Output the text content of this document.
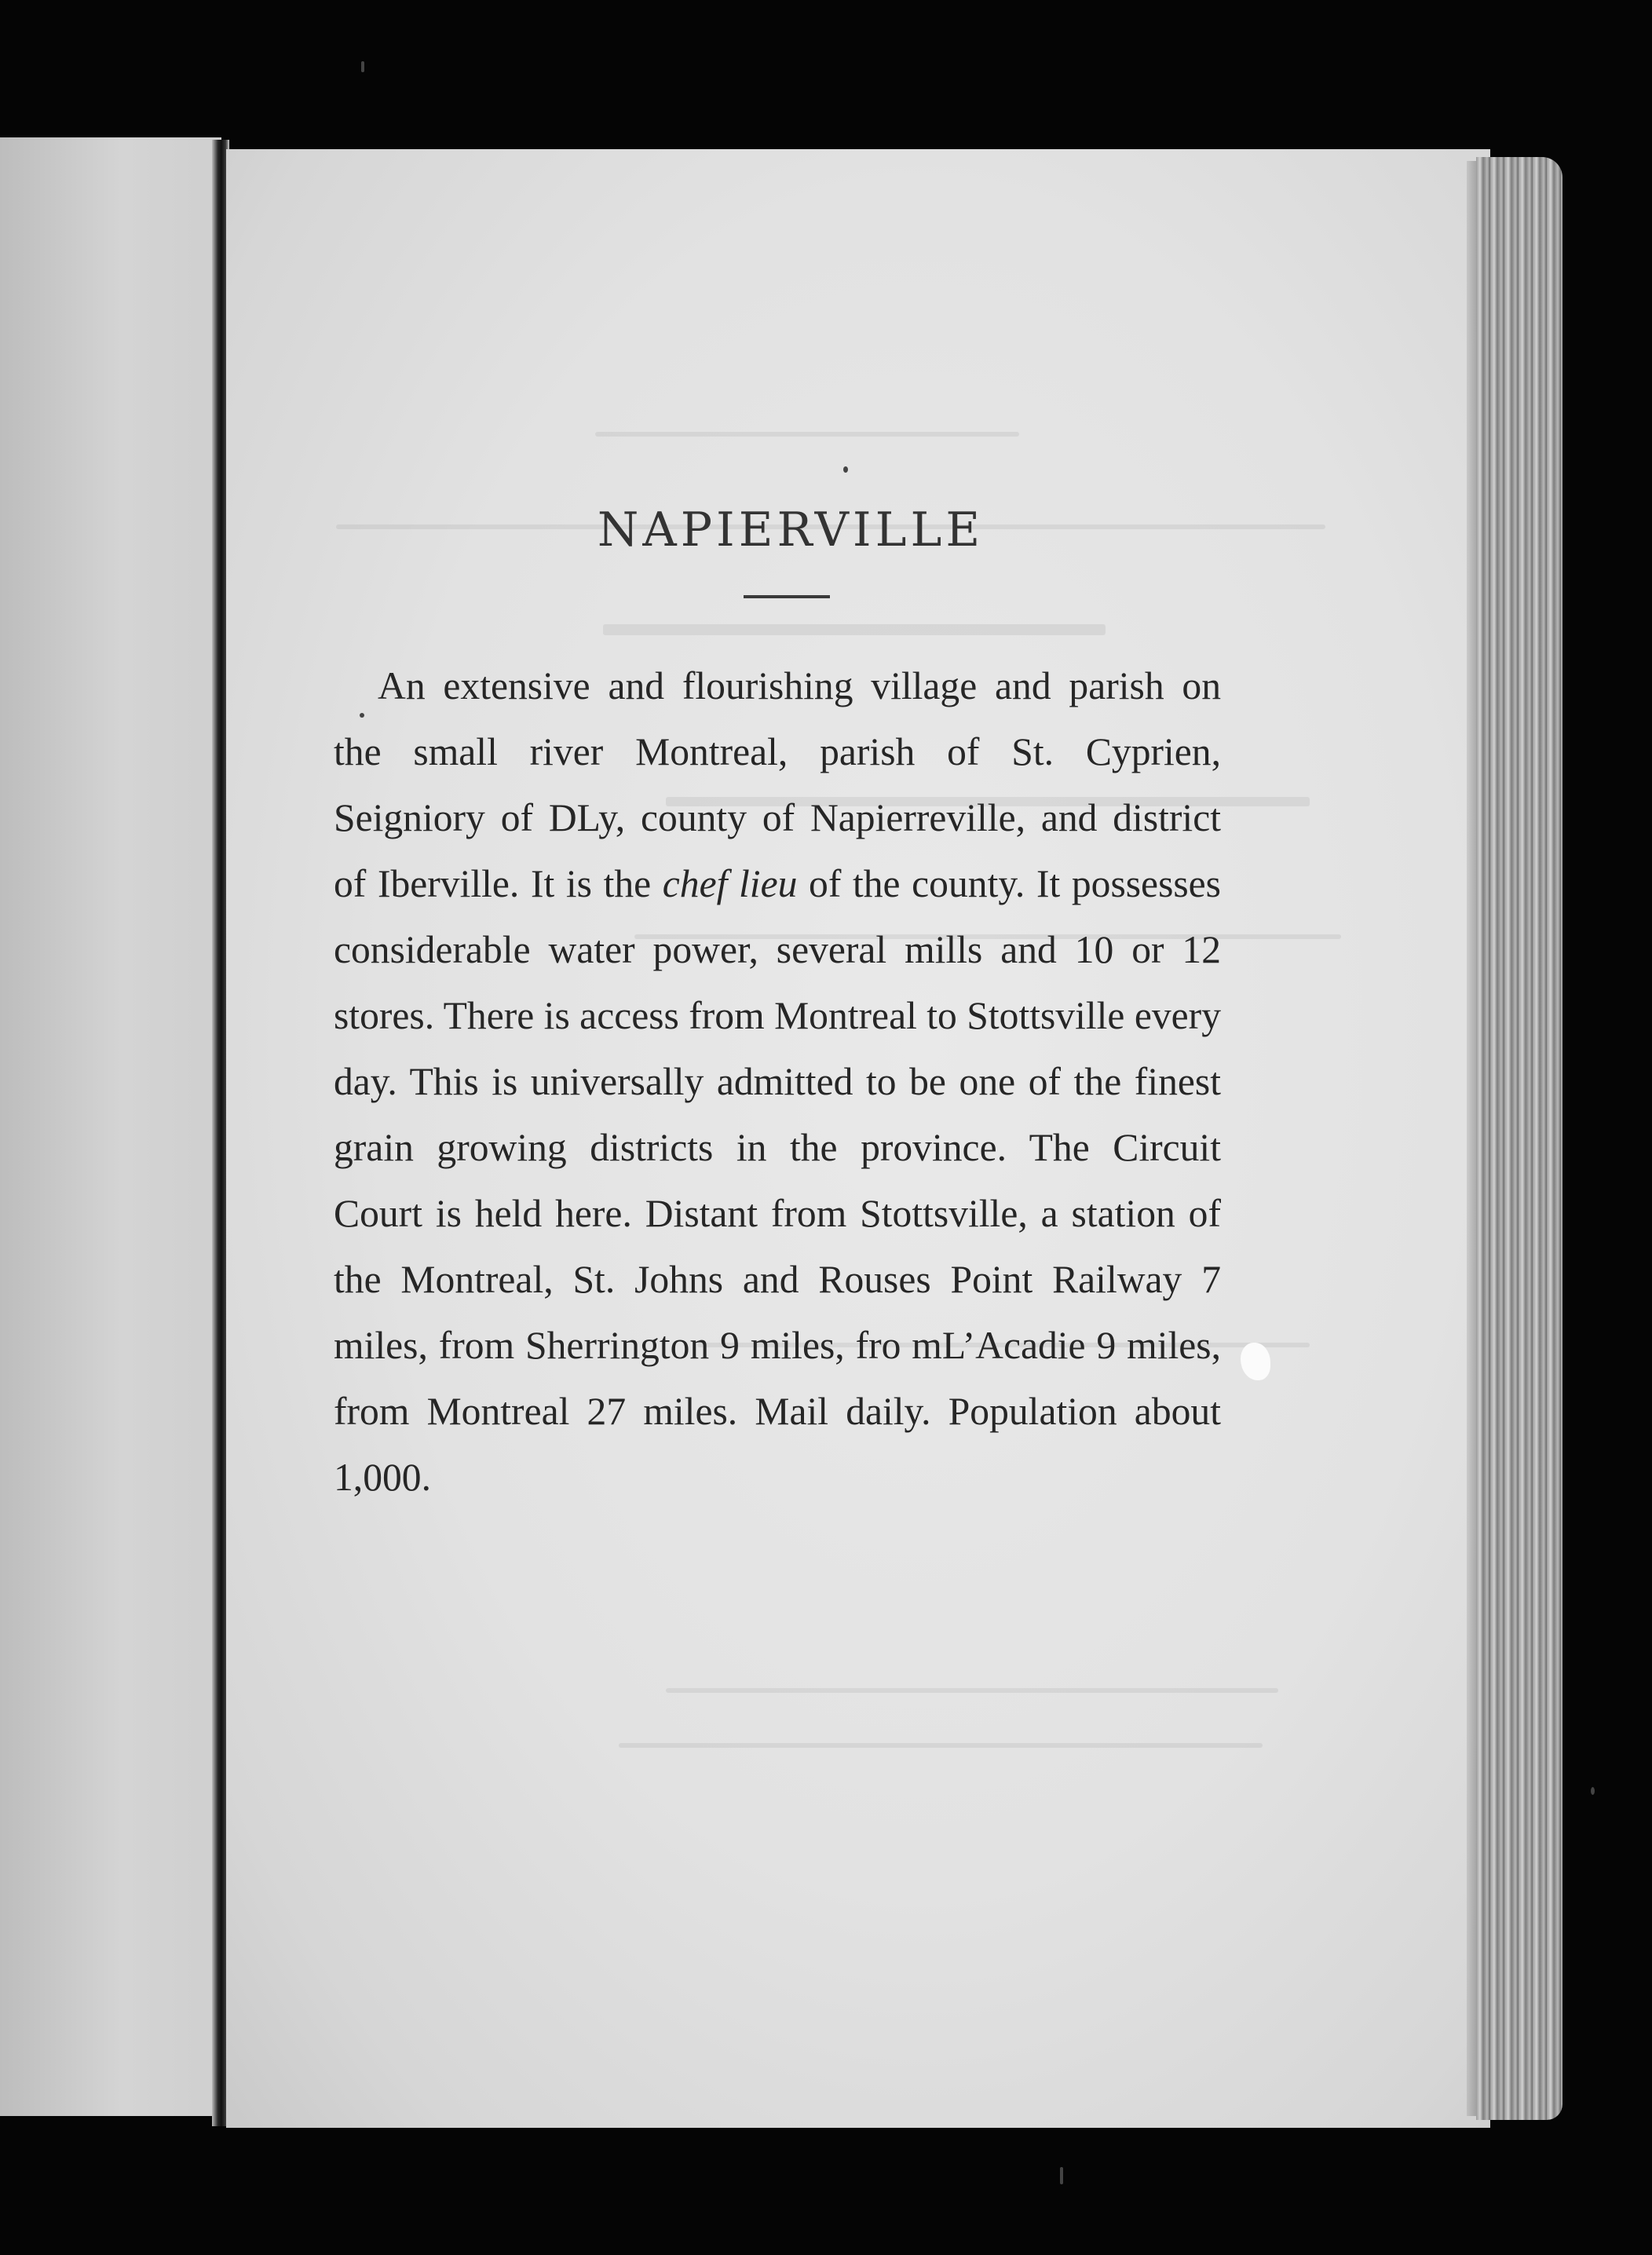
NAPIERVILLE

An extensive and flourishing village and parish on the small river Montreal, parish of St. Cyprien, Seigniory of DLy, county of Napierreville, and district of Iberville. It is the chef lieu of the county. It possesses considerable water power, several mills and 10 or 12 stores. There is access from Montreal to Stottsville every day. This is universally admitted to be one of the finest grain growing districts in the province. The Circuit Court is held here. Distant from Stottsville, a station of the Montreal, St. Johns and Rouses Point Railway 7 miles, from Sherrington 9 miles, fro mL’Acadie 9 miles, from Montreal 27 miles. Mail daily. Population about 1,000.
